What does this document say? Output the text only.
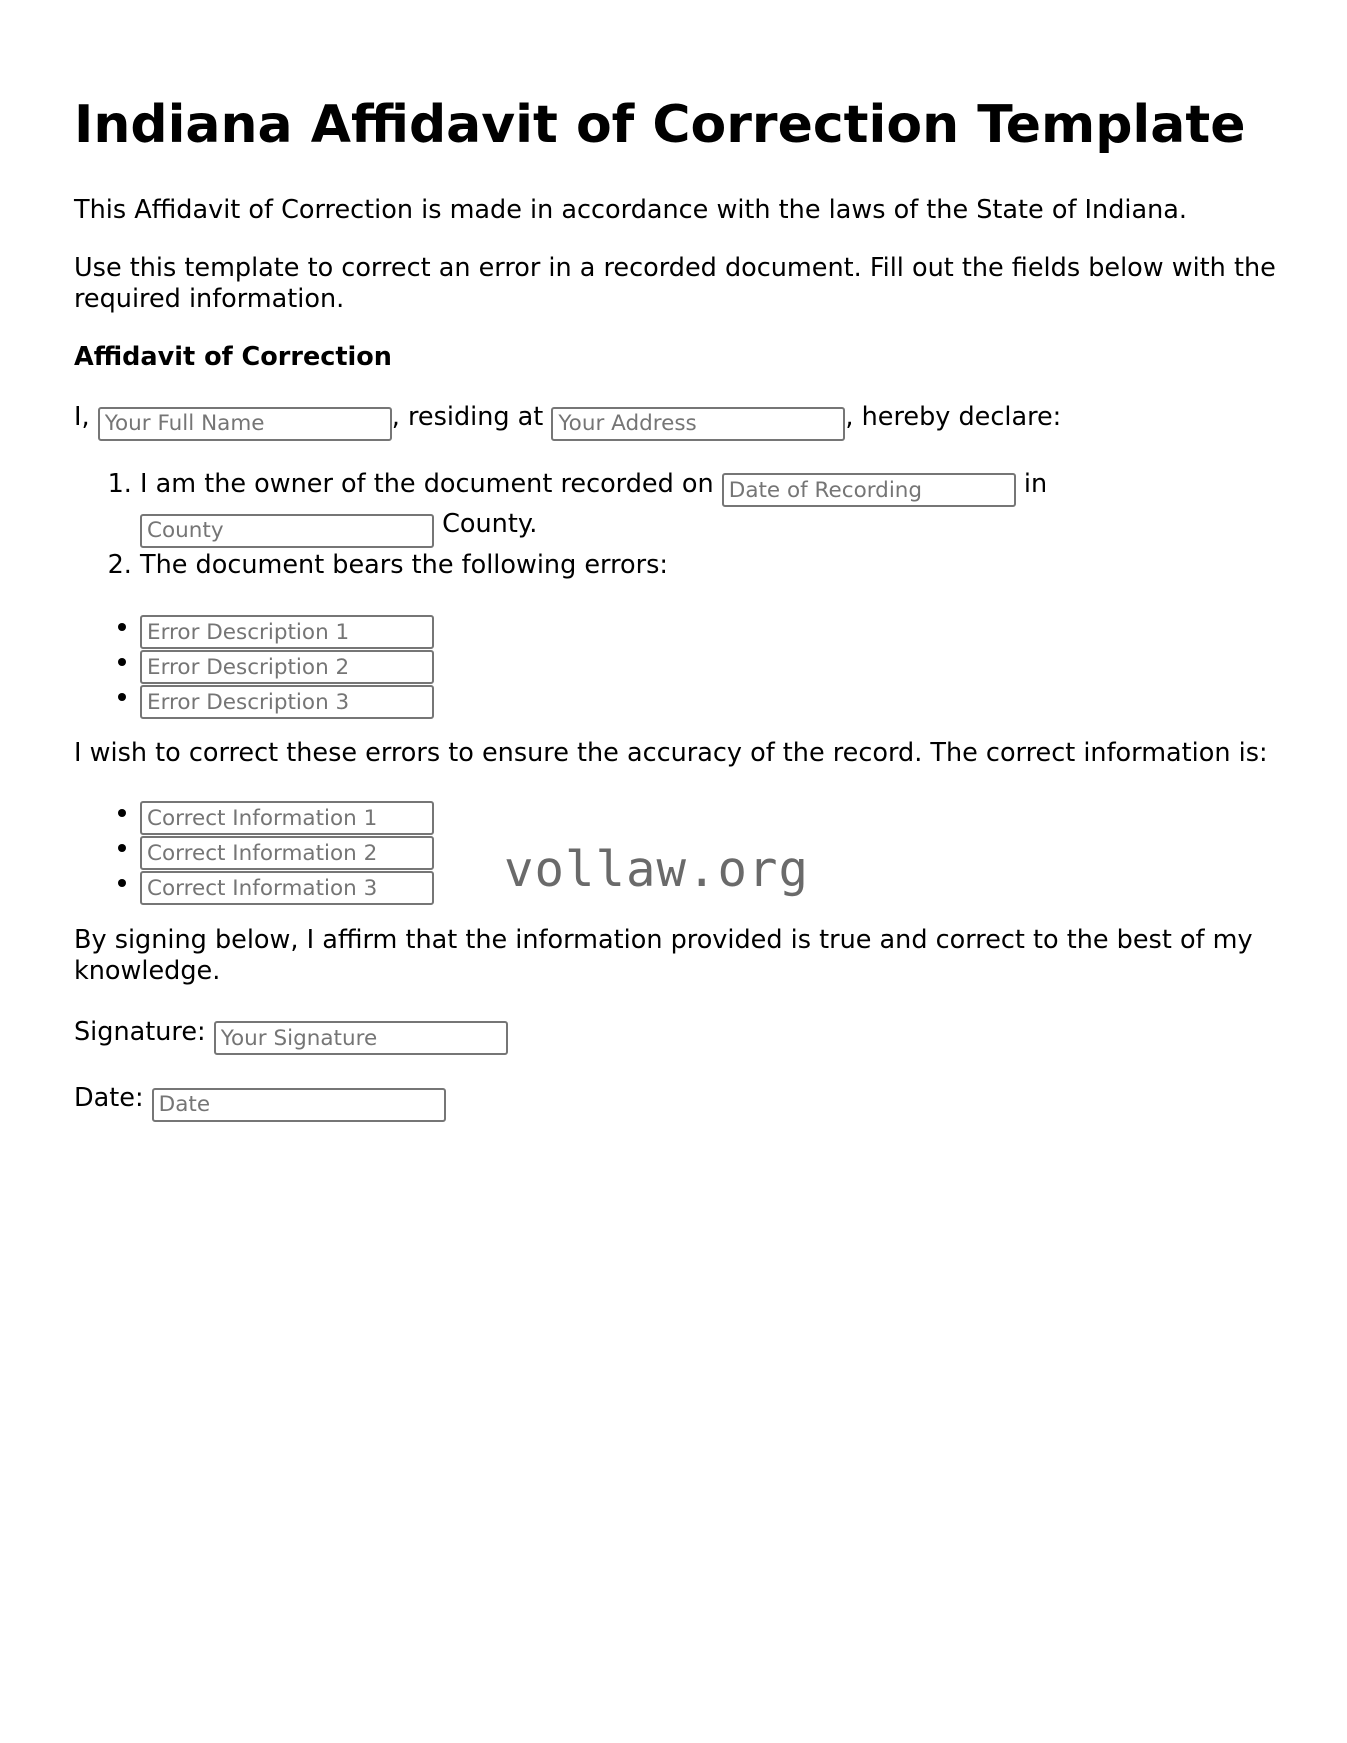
Indiana Affidavit of Correction Template

This Affidavit of Correction is made in accordance with the laws of the State of Indiana.

Use this template to correct an error in a recorded document. Fill out the fields below with the required information.

Affidavit of Correction

I, Your Full Name	, residing at Your Address	, hereby declare:

1. I am the owner of the document recorded on Date of Recording	in
County County.
2. The document bears the following errors:
• Error Description 1
• Error Description 2
• Error Description 3

I wish to correct these errors to ensure the accuracy of the record. The correct information is:

• Correct Information 1
• Correct Information 2
• Correct Information 3

By signing below, I affirm that the information provided is true and correct to the best of my knowledge.

Signature: Your Signature

Date: Date

vollaw.org
